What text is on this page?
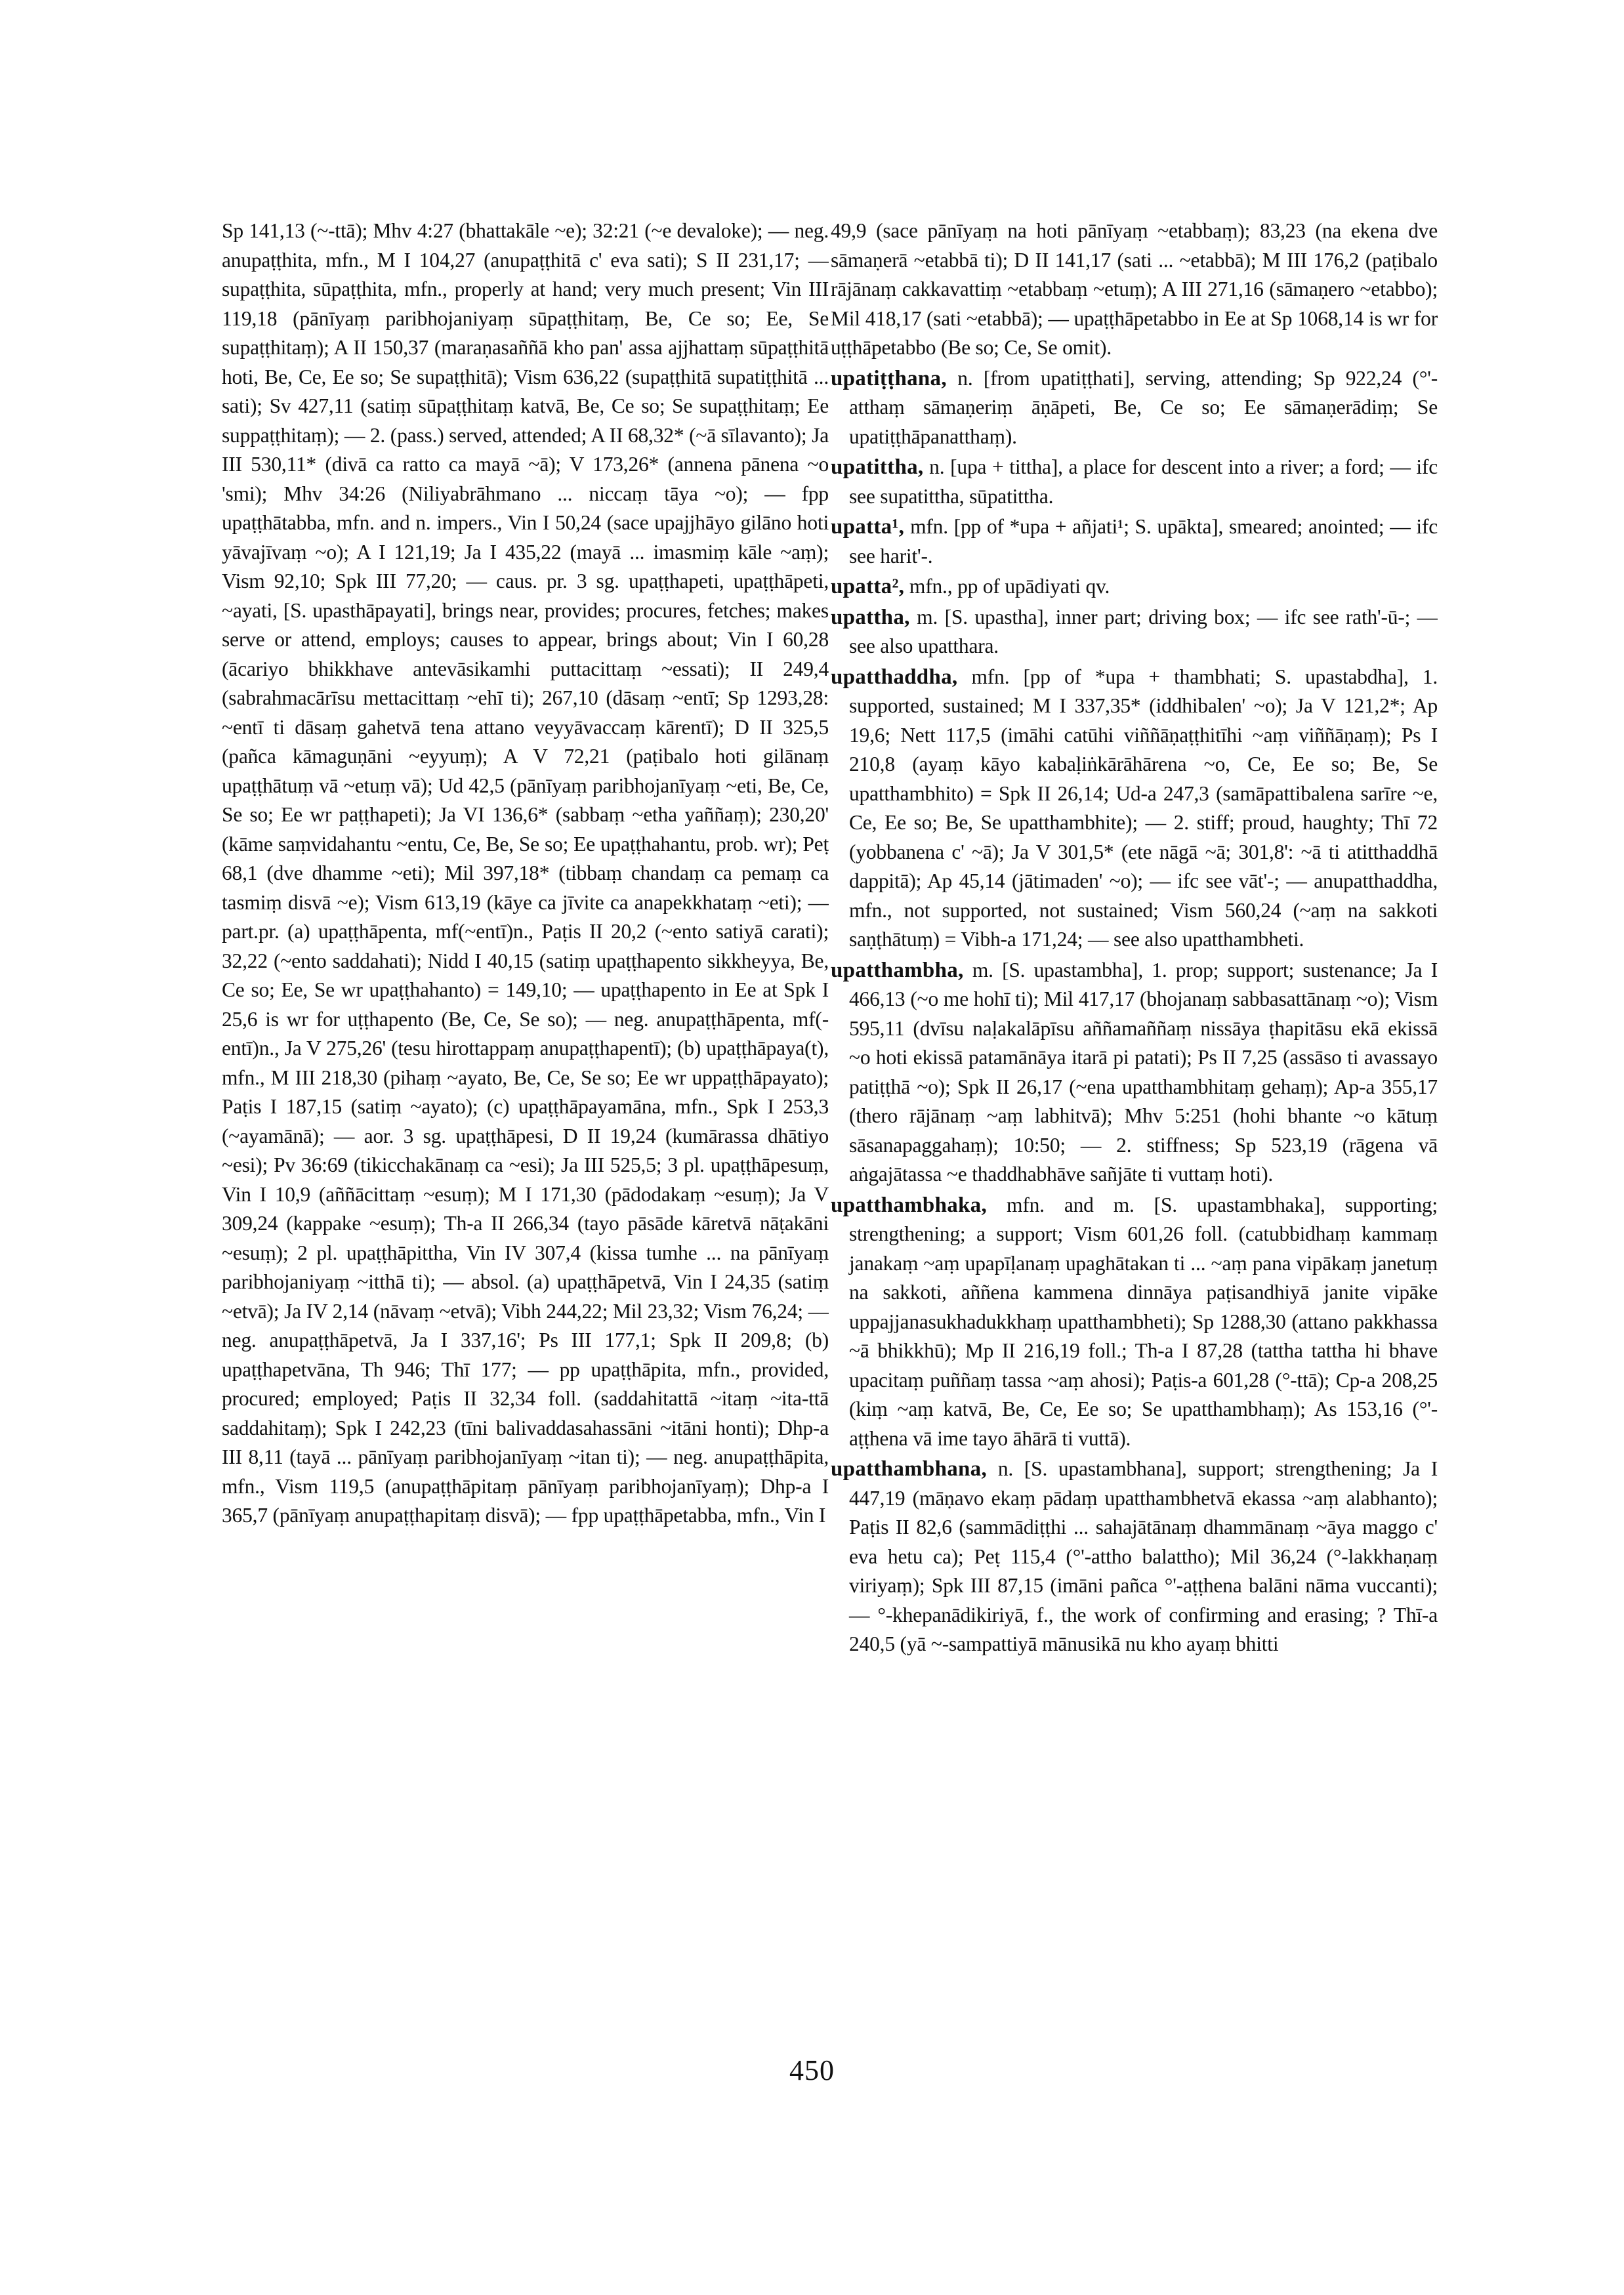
Sp 141,13 (~-ttā); Mhv 4:27 (bhattakāle ~e); 32:21 (~e devaloke); — neg. anupaṭṭhita, mfn., M I 104,27 (anupaṭṭhitā c' eva sati); S II 231,17; — supaṭṭhita, sūpaṭṭhita, mfn., properly at hand; very much present; Vin III 119,18 (pānīyaṃ paribhojaniyaṃ sūpaṭṭhitaṃ, Be, Ce so; Ee, Se supaṭṭhitaṃ); A II 150,37 (maraṇasaññā kho pan' assa ajjhattaṃ sūpaṭṭhitā hoti, Be, Ce, Ee so; Se supaṭṭhitā); Vism 636,22 (supaṭṭhitā supatiṭṭhitā ... sati); Sv 427,11 (satiṃ sūpaṭṭhitaṃ katvā, Be, Ce so; Se supaṭṭhitaṃ; Ee suppaṭṭhitaṃ); — 2. (pass.) served, attended; A II 68,32* (~ā sīlavanto); Ja III 530,11* (divā ca ratto ca mayā ~ā); V 173,26* (annena pānena ~o 'smi); Mhv 34:26 (Niliyabrāhmano ... niccaṃ tāya ~o); — fpp upaṭṭhātabba, mfn. and n. impers., Vin I 50,24 (sace upajjhāyo gilāno hoti yāvajīvaṃ ~o); A I 121,19; Ja I 435,22 (mayā ... imasmiṃ kāle ~aṃ); Vism 92,10; Spk III 77,20; — caus. pr. 3 sg. upaṭṭhapeti, upaṭṭhāpeti, ~ayati, [S. upasthāpayati], brings near, provides; procures, fetches; makes serve or attend, employs; causes to appear, brings about; Vin I 60,28 (ācariyo bhikkhave antevāsikamhi puttacittaṃ ~essati); II 249,4 (sabrahmacārīsu mettacittaṃ ~ehī ti); 267,10 (dāsaṃ ~entī; Sp 1293,28: ~entī ti dāsaṃ gahetvā tena attano veyyāvaccaṃ kārentī); D II 325,5 (pañca kāmaguṇāni ~eyyuṃ); A V 72,21 (paṭibalo hoti gilānaṃ upaṭṭhātuṃ vā ~etuṃ vā); Ud 42,5 (pānīyaṃ paribhojanīyaṃ ~eti, Be, Ce, Se so; Ee wr paṭṭhapeti); Ja VI 136,6* (sabbaṃ ~etha yaññaṃ); 230,20' (kāme saṃvidahantu ~entu, Ce, Be, Se so; Ee upaṭṭhahantu, prob. wr); Peṭ 68,1 (dve dhamme ~eti); Mil 397,18* (tibbaṃ chandaṃ ca pemaṃ ca tasmiṃ disvā ~e); Vism 613,19 (kāye ca jīvite ca anapekkhataṃ ~eti); — part.pr. (a) upaṭṭhāpenta, mf(~entī)n., Paṭis II 20,2 (~ento satiyā carati); 32,22 (~ento saddahati); Nidd I 40,15 (satiṃ upaṭṭhapento sikkheyya, Be, Ce so; Ee, Se wr upaṭṭhahanto) = 149,10; — upaṭṭhapento in Ee at Spk I 25,6 is wr for uṭṭhapento (Be, Ce, Se so); — neg. anupaṭṭhāpenta, mf(-entī)n., Ja V 275,26' (tesu hirottappaṃ anupaṭṭhapentī); (b) upaṭṭhāpaya(t), mfn., M III 218,30 (pihaṃ ~ayato, Be, Ce, Se so; Ee wr uppaṭṭhāpayato); Paṭis I 187,15 (satiṃ ~ayato); (c) upaṭṭhāpayamāna, mfn., Spk I 253,3 (~ayamānā); — aor. 3 sg. upaṭṭhāpesi, D II 19,24 (kumārassa dhātiyo ~esi); Pv 36:69 (tikicchakānaṃ ca ~esi); Ja III 525,5; 3 pl. upaṭṭhāpesuṃ, Vin I 10,9 (aññācittaṃ ~esuṃ); M I 171,30 (pādodakaṃ ~esuṃ); Ja V 309,24 (kappake ~esuṃ); Th-a II 266,34 (tayo pāsāde kāretvā nāṭakāni ~esuṃ); 2 pl. upaṭṭhāpittha, Vin IV 307,4 (kissa tumhe ... na pānīyaṃ paribhojaniyaṃ ~itthā ti); — absol. (a) upaṭṭhāpetvā, Vin I 24,35 (satiṃ ~etvā); Ja IV 2,14 (nāvaṃ ~etvā); Vibh 244,22; Mil 23,32; Vism 76,24; — neg. anupaṭṭhāpetvā, Ja I 337,16'; Ps III 177,1; Spk II 209,8; (b) upaṭṭhapetvāna, Th 946; Thī 177; — pp upaṭṭhāpita, mfn., provided, procured; employed; Paṭis II 32,34 foll. (saddahitattā ~itaṃ ~ita-ttā saddahitaṃ); Spk I 242,23 (tīni balivaddasahassāni ~itāni honti); Dhp-a III 8,11 (tayā ... pānīyaṃ paribhojanīyaṃ ~itan ti); — neg. anupaṭṭhāpita, mfn., Vism 119,5 (anupaṭṭhāpitaṃ pānīyaṃ paribhojanīyaṃ); Dhp-a I 365,7 (pānīyaṃ anupaṭṭhapitaṃ disvā); — fpp upaṭṭhāpetabba, mfn., Vin I

49,9 (sace pānīyaṃ na hoti pānīyaṃ ~etabbaṃ); 83,23 (na ekena dve sāmaṇerā ~etabbā ti); D II 141,17 (sati ... ~etabbā); M III 176,2 (paṭibalo rājānaṃ cakkavattiṃ ~etabbaṃ ~etuṃ); A III 271,16 (sāmaṇero ~etabbo); Mil 418,17 (sati ~etabbā); — upaṭṭhāpetabbo in Ee at Sp 1068,14 is wr for uṭṭhāpetabbo (Be so; Ce, Se omit).

upatiṭṭhana, n. [from upatiṭṭhati], serving, attending; Sp 922,24 (°'-atthaṃ sāmaṇeriṃ āṇāpeti, Be, Ce so; Ee sāmaṇerādiṃ; Se upatiṭṭhāpanatthaṃ).

upatittha, n. [upa + tittha], a place for descent into a river; a ford; — ifc see supatittha, sūpatittha.

upatta¹, mfn. [pp of *upa + añjati¹; S. upākta], smeared; anointed; — ifc see harit'-.

upatta², mfn., pp of upādiyati qv.

upattha, m. [S. upastha], inner part; driving box; — ifc see rath'-ū-; — see also upatthara.

upatthaddha, mfn. [pp of *upa + thambhati; S. upastabdha], 1. supported, sustained; M I 337,35* (iddhibalen' ~o); Ja V 121,2*; Ap 19,6; Nett 117,5 (imāhi catūhi viññāṇaṭṭhitīhi ~aṃ viññāṇaṃ); Ps I 210,8 (ayaṃ kāyo kabaḷiṅkārāhārena ~o, Ce, Ee so; Be, Se upatthambhito) = Spk II 26,14; Ud-a 247,3 (samāpattibalena sarīre ~e, Ce, Ee so; Be, Se upatthambhite); — 2. stiff; proud, haughty; Thī 72 (yobbanena c' ~ā); Ja V 301,5* (ete nāgā ~ā; 301,8': ~ā ti atitthaddhā dappitā); Ap 45,14 (jātimaden' ~o); — ifc see vāt'-; — anupatthaddha, mfn., not supported, not sustained; Vism 560,24 (~aṃ na sakkoti saṇṭhātuṃ) = Vibh-a 171,24; — see also upatthambheti.

upatthambha, m. [S. upastambha], 1. prop; support; sustenance; Ja I 466,13 (~o me hohī ti); Mil 417,17 (bhojanaṃ sabbasattānaṃ ~o); Vism 595,11 (dvīsu naḷakalāpīsu aññamaññaṃ nissāya ṭhapitāsu ekā ekissā ~o hoti ekissā patamānāya itarā pi patati); Ps II 7,25 (assāso ti avassayo patiṭṭhā ~o); Spk II 26,17 (~ena upatthambhitaṃ gehaṃ); Ap-a 355,17 (thero rājānaṃ ~aṃ labhitvā); Mhv 5:251 (hohi bhante ~o kātuṃ sāsanapaggahaṃ); 10:50; — 2. stiffness; Sp 523,19 (rāgena vā aṅgajātassa ~e thaddhabhāve sañjāte ti vuttaṃ hoti).

upatthambhaka, mfn. and m. [S. upastambhaka], supporting; strengthening; a support; Vism 601,26 foll. (catubbidhaṃ kammaṃ janakaṃ ~aṃ upapīḷanaṃ upaghātakan ti ... ~aṃ pana vipākaṃ janetuṃ na sakkoti, aññena kammena dinnāya paṭisandhiyā janite vipāke uppajjanasukhadukkhaṃ upatthambheti); Sp 1288,30 (attano pakkhassa ~ā bhikkhū); Mp II 216,19 foll.; Th-a I 87,28 (tattha tattha hi bhave upacitaṃ puññaṃ tassa ~aṃ ahosi); Paṭis-a 601,28 (°-ttā); Cp-a 208,25 (kiṃ ~aṃ katvā, Be, Ce, Ee so; Se upatthambhaṃ); As 153,16 (°'-aṭṭhena vā ime tayo āhārā ti vuttā).

upatthambhana, n. [S. upastambhana], support; strengthening; Ja I 447,19 (māṇavo ekaṃ pādaṃ upatthambhetvā ekassa ~aṃ alabhanto); Paṭis II 82,6 (sammādiṭṭhi ... sahajātānaṃ dhammānaṃ ~āya maggo c' eva hetu ca); Peṭ 115,4 (°'-attho balattho); Mil 36,24 (°-lakkhaṇaṃ viriyaṃ); Spk III 87,15 (imāni pañca °'-aṭṭhena balāni nāma vuccanti); — °-khepanādikiriyā, f., the work of confirming and erasing; ? Thī-a 240,5 (yā ~-sampattiyā mānusikā nu kho ayaṃ bhitti

450
